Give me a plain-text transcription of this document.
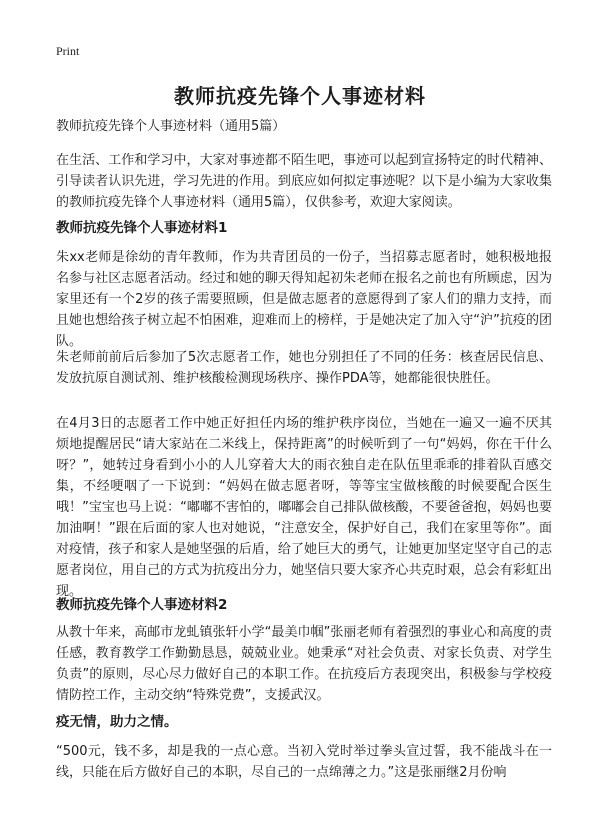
Print
教师抗疫先锋个人事迹材料

教师抗疫先锋个人事迹材料（通用5篇）

在生活、工作和学习中，大家对事迹都不陌生吧，事迹可以起到宣扬特定的时代精神、引导读者认识先进，学习先进的作用。到底应如何拟定事迹呢？以下是小编为大家收集的教师抗疫先锋个人事迹材料（通用5篇），仅供参考，欢迎大家阅读。

教师抗疫先锋个人事迹材料1

朱xx老师是徐幼的青年教师，作为共青团员的一份子，当招募志愿者时，她积极地报名参与社区志愿者活动。经过和她的聊天得知起初朱老师在报名之前也有所顾虑，因为家里还有一个2岁的孩子需要照顾，但是做志愿者的意愿得到了家人们的鼎力支持，而且她也想给孩子树立起不怕困难，迎难而上的榜样，于是她决定了加入守“沪”抗疫的团队。

朱老师前前后后参加了5次志愿者工作，她也分别担任了不同的任务：核查居民信息、发放抗原自测试剂、维护核酸检测现场秩序、操作PDA等，她都能很快胜任。

在4月3日的志愿者工作中她正好担任内场的维护秩序岗位，当她在一遍又一遍不厌其烦地提醒居民“请大家站在二米线上，保持距离”的时候听到了一句“妈妈，你在干什么呀？”，她转过身看到小小的人儿穿着大大的雨衣独自走在队伍里乖乖的排着队百感交集，不经哽咽了一下说到：“妈妈在做志愿者呀，等等宝宝做核酸的时候要配合医生哦！”宝宝也马上说：“嘟嘟不害怕的，嘟嘟会自己排队做核酸，不要爸爸抱，妈妈也要加油啊！”跟在后面的家人也对她说，“注意安全，保护好自己，我们在家里等你”。面对疫情，孩子和家人是她坚强的后盾，给了她巨大的勇气，让她更加坚定坚守自己的志愿者岗位，用自己的方式为抗疫出分力，她坚信只要大家齐心共克时艰，总会有彩虹出现。

教师抗疫先锋个人事迹材料2

从教十年来，高邮市龙虬镇张轩小学“最美巾帼”张丽老师有着强烈的事业心和高度的责任感，教育教学工作勤勤恳恳，兢兢业业。她秉承“对社会负责、对家长负责、对学生负责”的原则，尽心尽力做好自己的本职工作。在抗疫后方表现突出，积极参与学校疫情防控工作，主动交纳“特殊党费”，支援武汉。

疫无情，助力之情。

“500元，钱不多，却是我的一点心意。当初入党时举过拳头宣过誓，我不能战斗在一线，只能在后方做好自己的本职，尽自己的一点绵薄之力。”这是张丽继2月份响
